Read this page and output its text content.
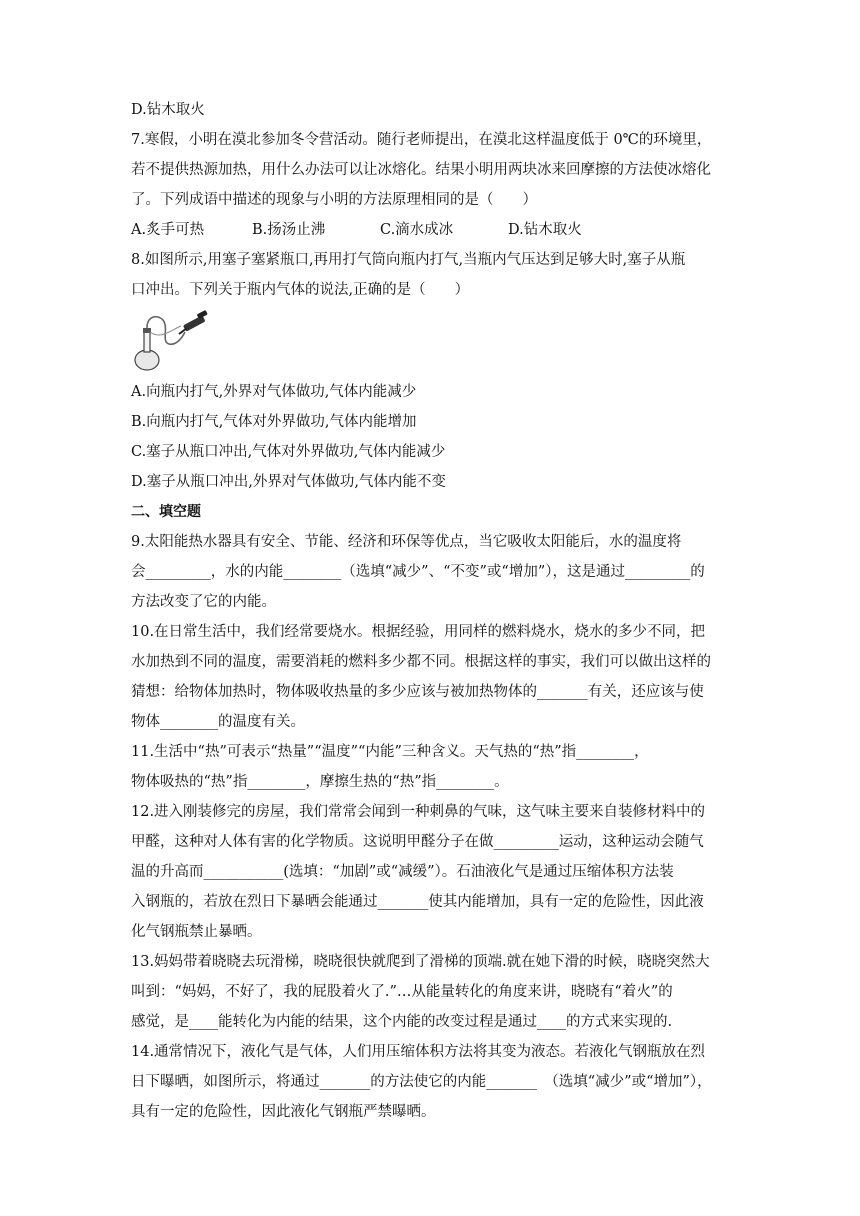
D.钻木取火
7.寒假，小明在漠北参加冬令营活动。随行老师提出，在漠北这样温度低于 0℃的环境里，
若不提供热源加热，用什么办法可以让冰熔化。结果小明用两块冰来回摩擦的方法使冰熔化
了。下列成语中描述的现象与小明的方法原理相同的是（　　）
A.炙手可热	B.扬汤止沸	C.滴水成冰	D.钻木取火
8.如图所示,用塞子塞紧瓶口,再用打气筒向瓶内打气,当瓶内气压达到足够大时,塞子从瓶
口冲出。下列关于瓶内气体的说法,正确的是（　　）
A.向瓶内打气,外界对气体做功,气体内能减少
B.向瓶内打气,气体对外界做功,气体内能增加
C.塞子从瓶口冲出,气体对外界做功,气体内能减少
D.塞子从瓶口冲出,外界对气体做功,气体内能不变
二、填空题
9.太阳能热水器具有安全、节能、经济和环保等优点，当它吸收太阳能后，水的温度将
会_________，水的内能________（选填“减少”、“不变”或“增加”），这是通过_________的
方法改变了它的内能。
10.在日常生活中，我们经常要烧水。根据经验，用同样的燃料烧水，烧水的多少不同，把
水加热到不同的温度，需要消耗的燃料多少都不同。根据这样的事实，我们可以做出这样的
猜想：给物体加热时，物体吸收热量的多少应该与被加热物体的_______有关，还应该与使
物体________的温度有关。
11.生活中“热”可表示“热量”“温度”“内能”三种含义。天气热的“热”指________，
物体吸热的“热”指________，摩擦生热的“热”指________。
12.进入刚装修完的房屋，我们常常会闻到一种刺鼻的气味，这气味主要来自装修材料中的
甲醛，这种对人体有害的化学物质。这说明甲醛分子在做_________运动，这种运动会随气
温的升高而___________(选填：“加剧”或“减缓”）。石油液化气是通过压缩体积方法装
入钢瓶的，若放在烈日下暴晒会能通过_______使其内能增加，具有一定的危险性，因此液
化气钢瓶禁止暴晒。
13.妈妈带着晓晓去玩滑梯，晓晓很快就爬到了滑梯的顶端.就在她下滑的时候，晓晓突然大
叫到：“妈妈，不好了，我的屁股着火了.”…从能量转化的角度来讲，晓晓有“着火”的
感觉，是____能转化为内能的结果，这个内能的改变过程是通过____的方式来实现的.
14.通常情况下，液化气是气体，人们用压缩体积方法将其变为液态。若液化气钢瓶放在烈
日下曝晒，如图所示，将通过_______的方法使它的内能_______　（选填“减少”或“增加”），
具有一定的危险性，因此液化气钢瓶严禁曝晒。
